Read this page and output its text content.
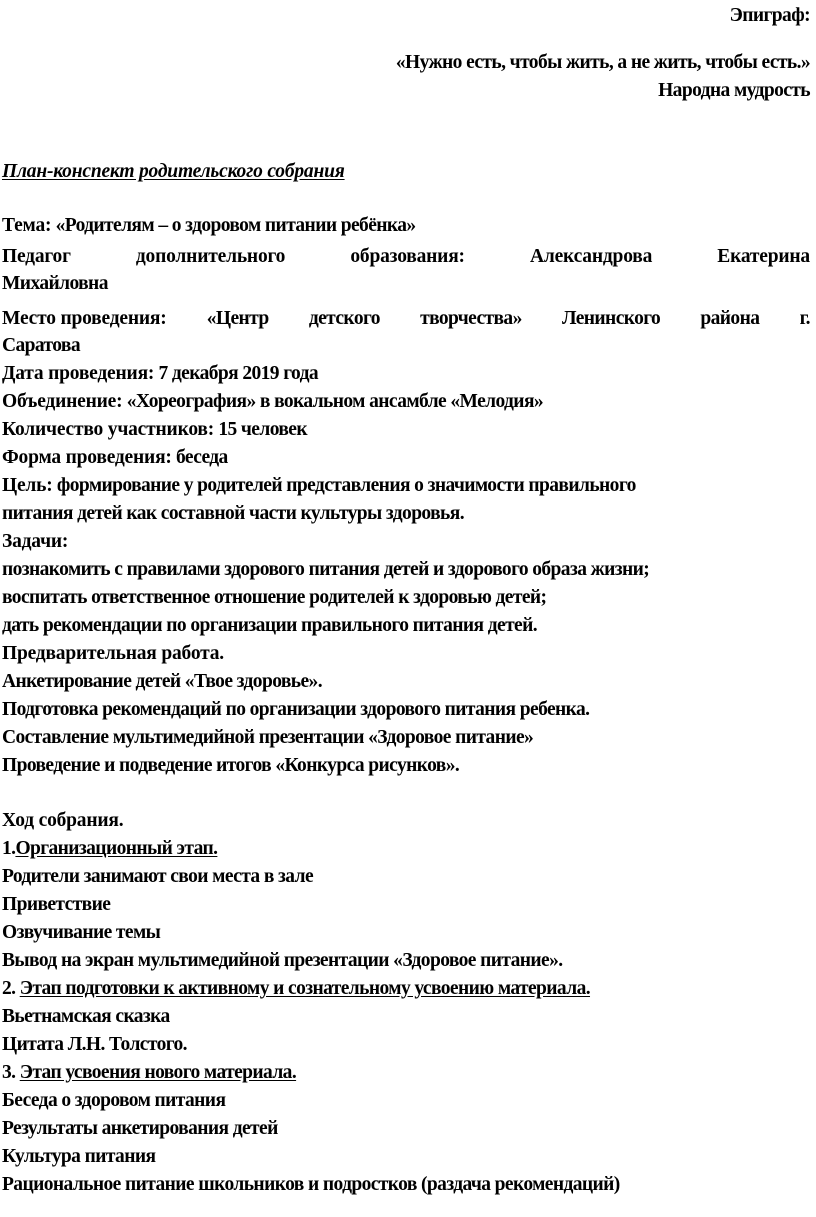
Эпиграф:
«Нужно есть, чтобы жить, а не жить, чтобы есть.»
Народна мудрость
План-конспект родительского собрания
Тема: «Родителям – о здоровом питании ребёнка»
Педагог	дополнительного	образования:	Александрова	Екатерина
Михайловна
Место проведения: «Центр детского творчества» Ленинского района г.
Саратова
Дата проведения: 7 декабря 2019 года
Объединение: «Хореография» в вокальном ансамбле «Мелодия»
Количество участников: 15 человек
Форма проведения: беседа
Цель: формирование у родителей представления о значимости правильного
питания детей как составной части культуры здоровья.
Задачи:
познакомить с правилами здорового питания детей и здорового образа жизни;
воспитать ответственное отношение родителей к здоровью детей;
дать рекомендации по организации правильного питания детей.
Предварительная работа.
Анкетирование детей «Твое здоровье».
Подготовка рекомендаций по организации здорового питания ребенка.
Составление мультимедийной презентации «Здоровое питание»
Проведение и подведение итогов «Конкурса рисунков».
Ход собрания.
1.Организационный этап.
Родители занимают свои места в зале
Приветствие
Озвучивание темы
Вывод на экран мультимедийной презентации «Здоровое питание».
2. Этап подготовки к активному и сознательному усвоению материала.
Вьетнамская сказка
Цитата Л.Н. Толстого.
3. Этап усвоения нового материала.
Беседа о здоровом питания
Результаты анкетирования детей
Культура питания
Рациональное питание школьников и подростков (раздача рекомендаций)
